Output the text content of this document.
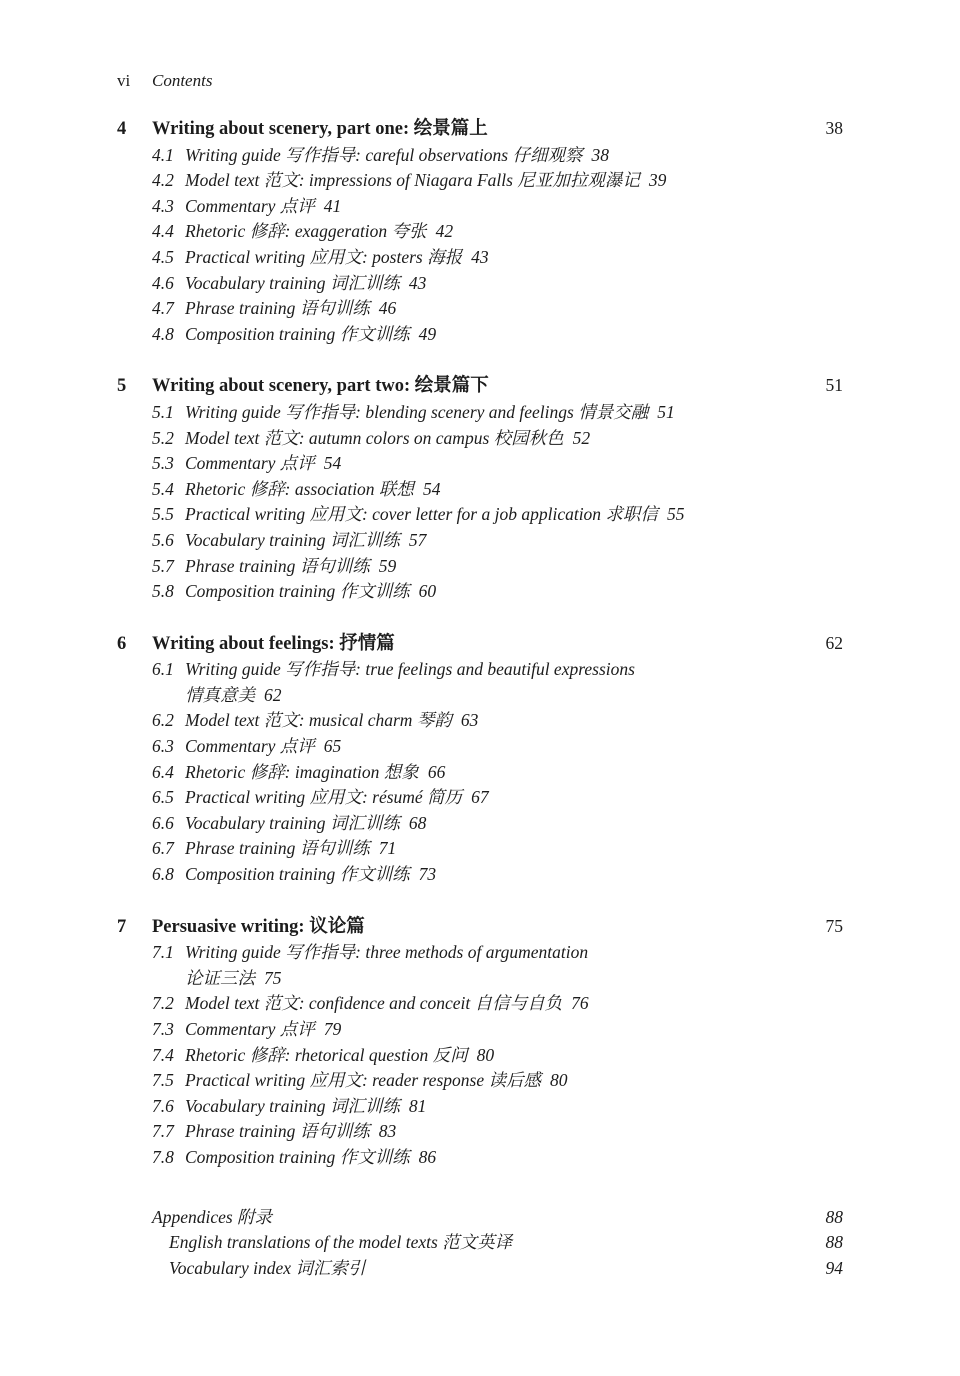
vi	Contents
4	Writing about scenery, part one: 绘景篇上	38
4.1 Writing guide 写作指导: careful observations 仔细观察 38
4.2 Model text 范文: impressions of Niagara Falls 尼亚加拉观瀑记 39
4.3 Commentary 点评 41
4.4 Rhetoric 修辞: exaggeration 夸张 42
4.5 Practical writing 应用文: posters 海报 43
4.6 Vocabulary training 词汇训练 43
4.7 Phrase training 语句训练 46
4.8 Composition training 作文训练 49
5	Writing about scenery, part two: 绘景篇下	51
5.1 Writing guide 写作指导: blending scenery and feelings 情景交融 51
5.2 Model text 范文: autumn colors on campus 校园秋色 52
5.3 Commentary 点评 54
5.4 Rhetoric 修辞: association 联想 54
5.5 Practical writing 应用文: cover letter for a job application 求职信 55
5.6 Vocabulary training 词汇训练 57
5.7 Phrase training 语句训练 59
5.8 Composition training 作文训练 60
6	Writing about feelings: 抒情篇	62
6.1 Writing guide 写作指导: true feelings and beautiful expressions
情真意美 62
6.2 Model text 范文: musical charm 琴韵 63
6.3 Commentary 点评 65
6.4 Rhetoric 修辞: imagination 想象 66
6.5 Practical writing 应用文: résumé 简历 67
6.6 Vocabulary training 词汇训练 68
6.7 Phrase training 语句训练 71
6.8 Composition training 作文训练 73
7	Persuasive writing: 议论篇	75
7.1 Writing guide 写作指导: three methods of argumentation
论证三法 75
7.2 Model text 范文: confidence and conceit 自信与自负 76
7.3 Commentary 点评 79
7.4 Rhetoric 修辞: rhetorical question 反问 80
7.5 Practical writing 应用文: reader response 读后感 80
7.6 Vocabulary training 词汇训练 81
7.7 Phrase training 语句训练 83
7.8 Composition training 作文训练 86
Appendices 附录	88
English translations of the model texts 范文英译	88
Vocabulary index 词汇索引	94
